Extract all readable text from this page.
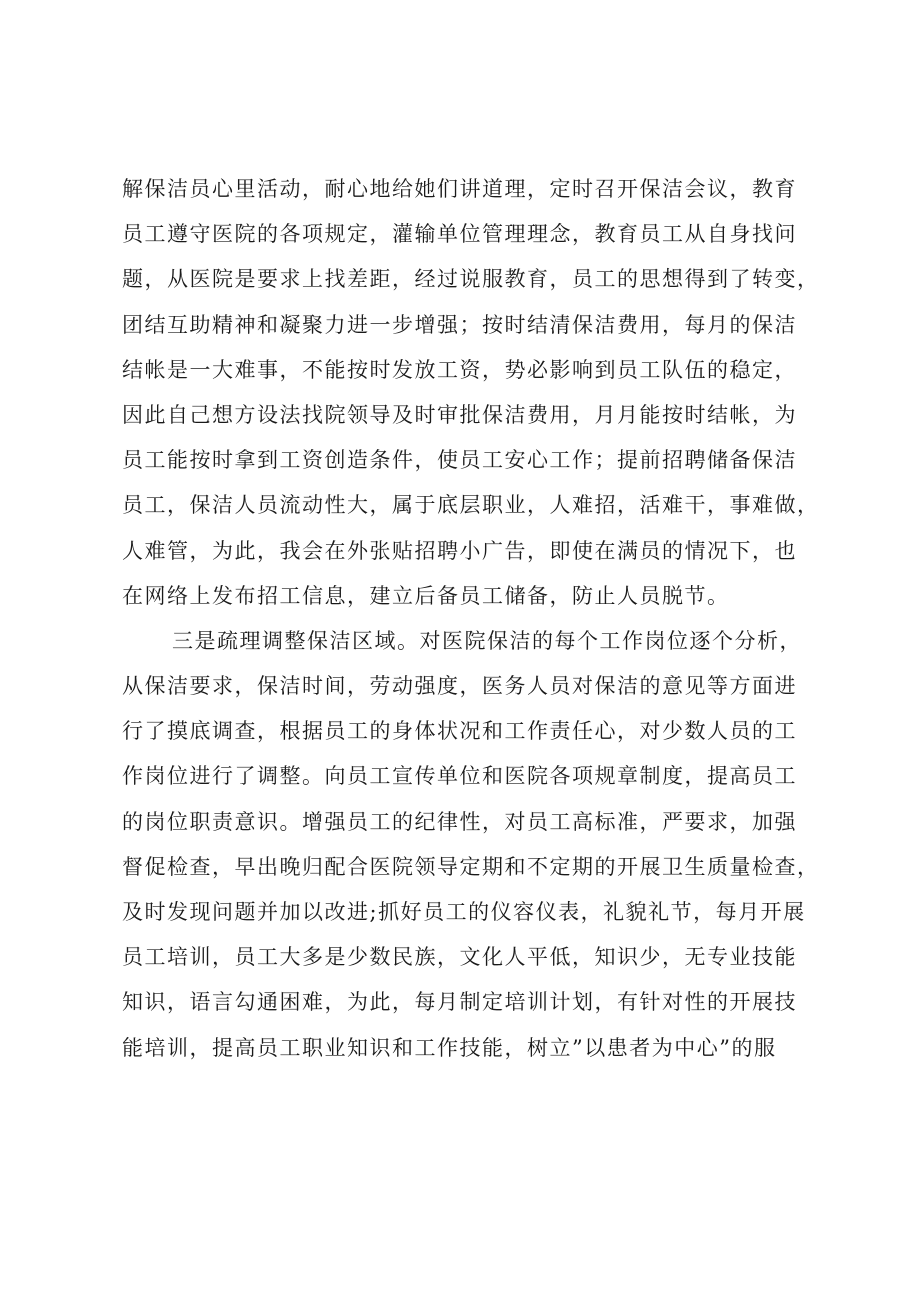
解保洁员心里活动，耐心地给她们讲道理，定时召开保洁会议，教育
员工遵守医院的各项规定，灌输单位管理理念，教育员工从自身找问
题，从医院是要求上找差距，经过说服教育，员工的思想得到了转变，
团结互助精神和凝聚力进一步增强；按时结清保洁费用，每月的保洁
结帐是一大难事，不能按时发放工资，势必影响到员工队伍的稳定，
因此自己想方设法找院领导及时审批保洁费用，月月能按时结帐，为
员工能按时拿到工资创造条件，使员工安心工作；提前招聘储备保洁
员工，保洁人员流动性大，属于底层职业，人难招，活难干，事难做，
人难管，为此，我会在外张贴招聘小广告，即使在满员的情况下，也
在网络上发布招工信息，建立后备员工储备，防止人员脱节。
三是疏理调整保洁区域。对医院保洁的每个工作岗位逐个分析，
从保洁要求，保洁时间，劳动强度，医务人员对保洁的意见等方面进
行了摸底调查，根据员工的身体状况和工作责任心，对少数人员的工
作岗位进行了调整。向员工宣传单位和医院各项规章制度，提高员工
的岗位职责意识。增强员工的纪律性，对员工高标准，严要求，加强
督促检查，早出晚归配合医院领导定期和不定期的开展卫生质量检查，
及时发现问题并加以改进;抓好员工的仪容仪表，礼貌礼节，每月开展
员工培训，员工大多是少数民族，文化人平低，知识少，无专业技能
知识，语言勾通困难，为此，每月制定培训计划，有针对性的开展技
能培训，提高员工职业知识和工作技能，树立”以患者为中心”的服
